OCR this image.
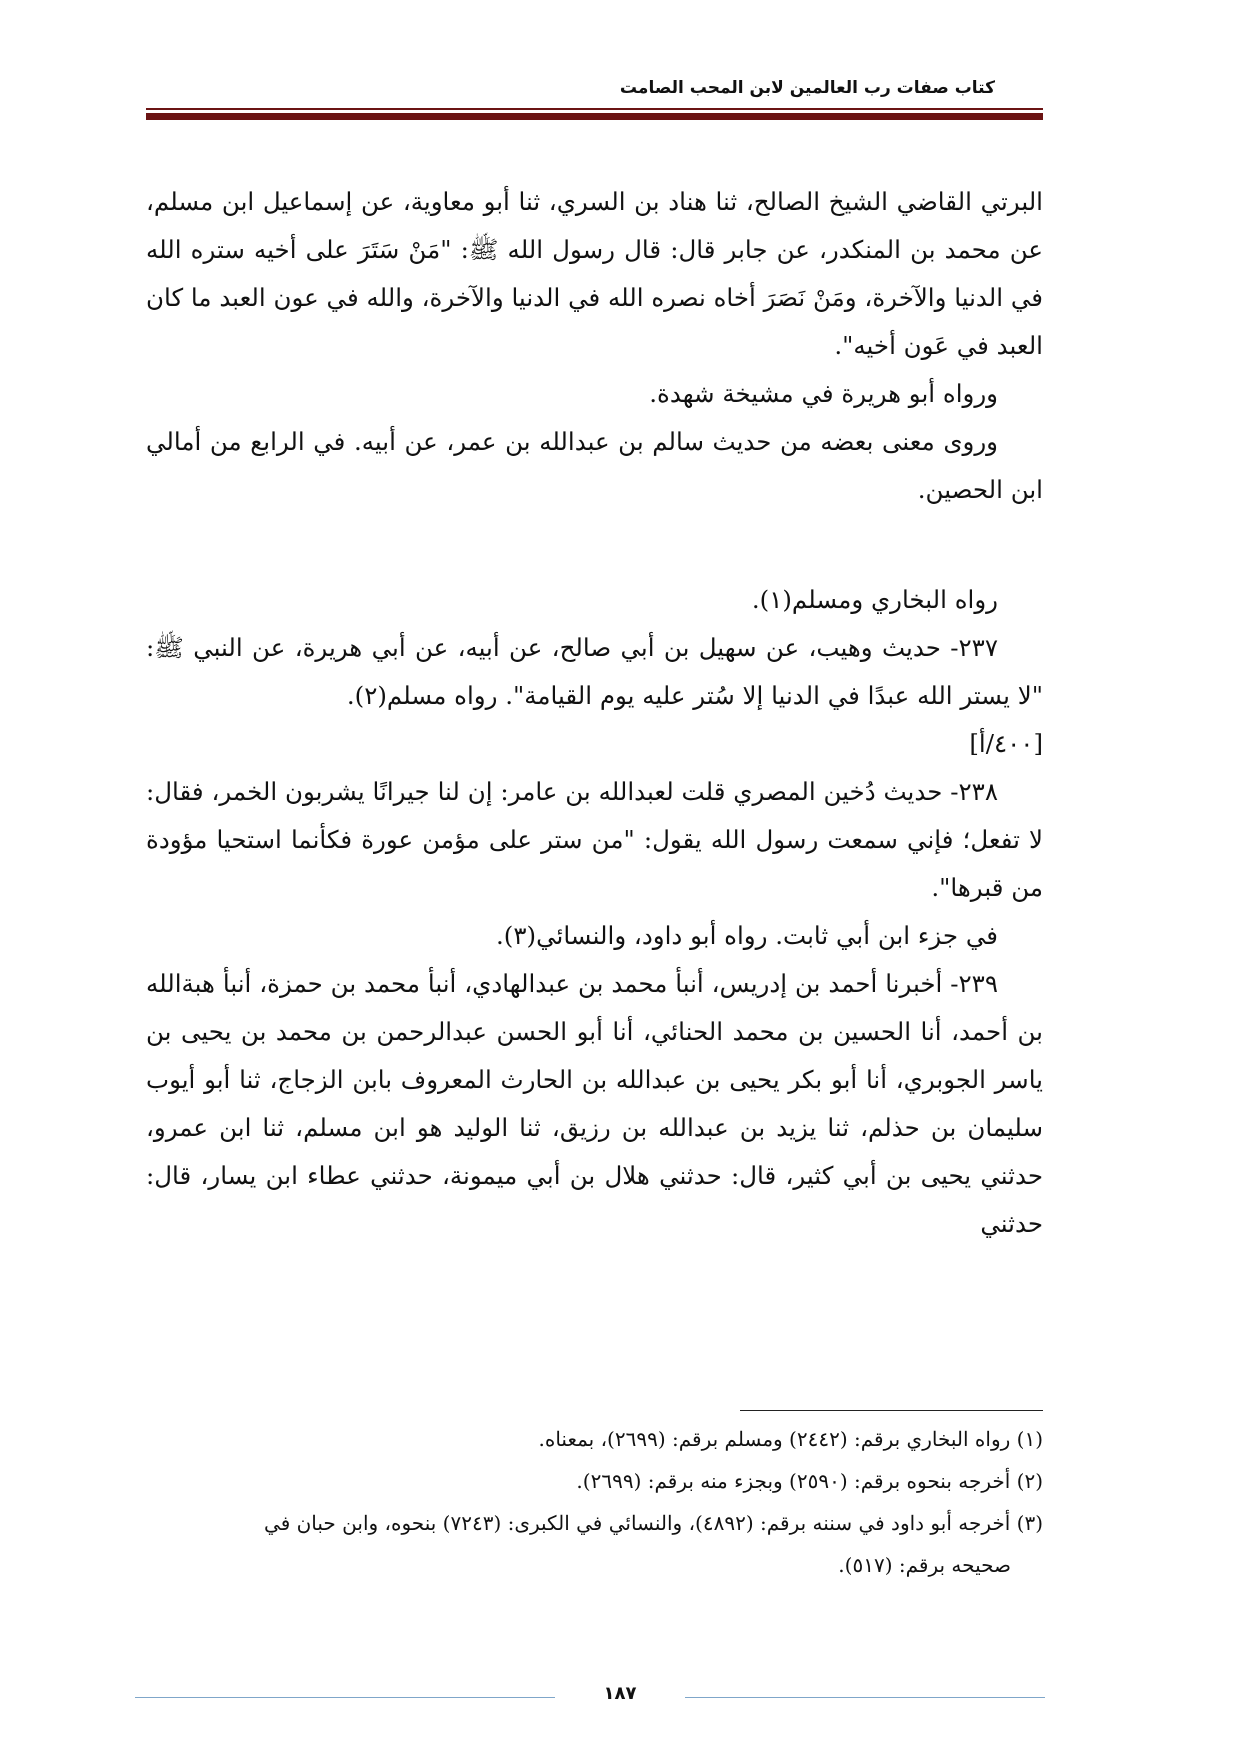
كتاب صفات رب العالمين لابن المحب الصامت

البرتي القاضي الشيخ الصالح، ثنا هناد بن السري، ثنا أبو معاوية، عن إسماعيل ابن مسلم، عن محمد بن المنكدر، عن جابر قال: قال رسول الله ﷺ: "مَنْ سَتَرَ على أخيه ستره الله في الدنيا والآخرة، ومَنْ نَصَرَ أخاه نصره الله في الدنيا والآخرة، والله في عون العبد ما كان العبد في عَون أخيه".

ورواه أبو هريرة في مشيخة شهدة.

وروى معنى بعضه من حديث سالم بن عبدالله بن عمر، عن أبيه. في الرابع من أمالي ابن الحصين.

رواه البخاري ومسلم(١).

٢٣٧- حديث وهيب، عن سهيل بن أبي صالح، عن أبيه، عن أبي هريرة، عن النبي ﷺ: "لا يستر الله عبدًا في الدنيا إلا سُتر عليه يوم القيامة". رواه مسلم(٢).

[٤٠٠/أ]

٢٣٨- حديث دُخين المصري قلت لعبدالله بن عامر: إن لنا جيرانًا يشربون الخمر، فقال: لا تفعل؛ فإني سمعت رسول الله يقول: "من ستر على مؤمن عورة فكأنما استحيا مؤودة من قبرها".

في جزء ابن أبي ثابت. رواه أبو داود، والنسائي(٣).

٢٣٩- أخبرنا أحمد بن إدريس، أنبأ محمد بن عبدالهادي، أنبأ محمد بن حمزة، أنبأ هبةالله بن أحمد، أنا الحسين بن محمد الحنائي، أنا أبو الحسن عبدالرحمن بن محمد بن يحيى بن ياسر الجوبري، أنا أبو بكر يحيى بن عبدالله بن الحارث المعروف بابن الزجاج، ثنا أبو أيوب سليمان بن حذلم، ثنا يزيد بن عبدالله بن رزيق، ثنا الوليد هو ابن مسلم، ثنا ابن عمرو، حدثني يحيى بن أبي كثير، قال: حدثني هلال بن أبي ميمونة، حدثني عطاء ابن يسار، قال: حدثني

(١) رواه البخاري برقم: (٢٤٤٢) ومسلم برقم: (٢٦٩٩)، بمعناه.

(٢) أخرجه بنحوه برقم: (٢٥٩٠) وبجزء منه برقم: (٢٦٩٩).

(٣) أخرجه أبو داود في سننه برقم: (٤٨٩٢)، والنسائي في الكبرى: (٧٢٤٣) بنحوه، وابن حبان في

صحيحه برقم: (٥١٧).

١٨٧
